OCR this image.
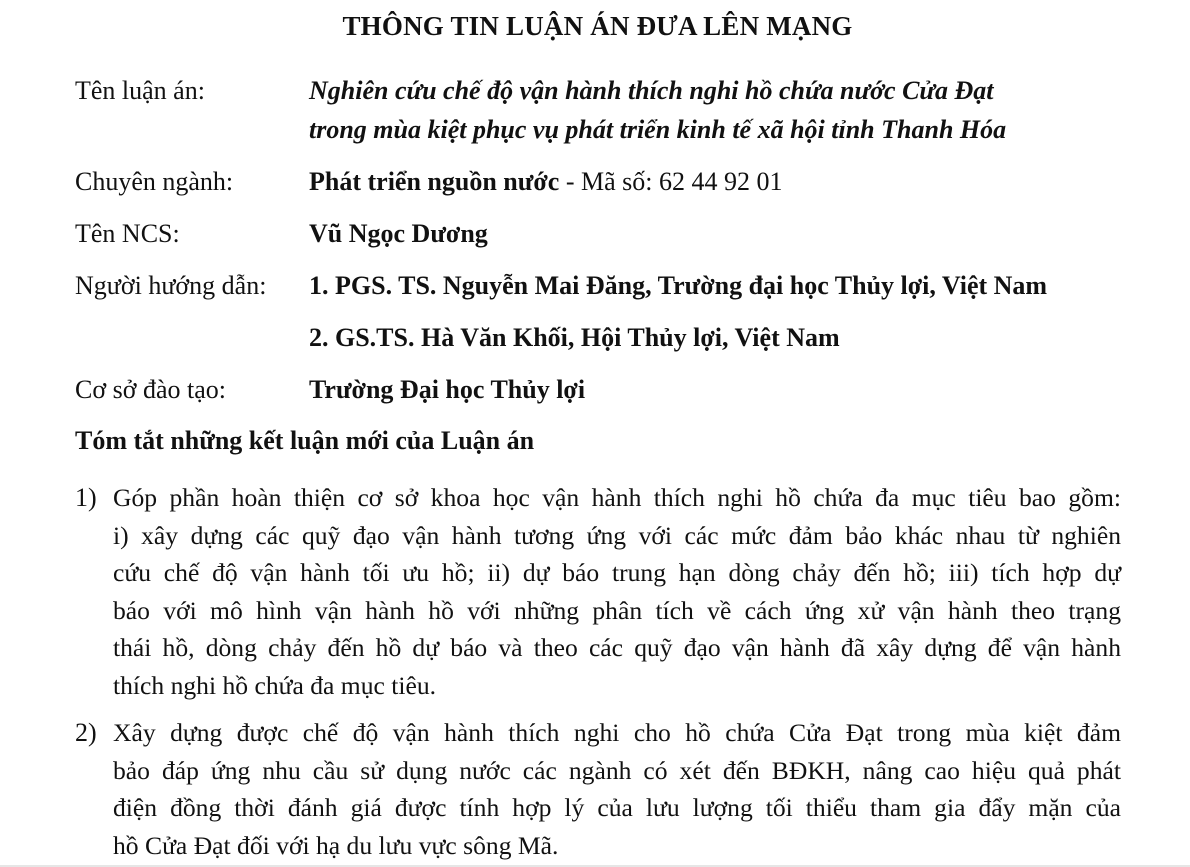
THÔNG TIN LUẬN ÁN ĐƯA LÊN MẠNG
Tên luận án:	Nghiên cứu chế độ vận hành thích nghi hồ chứa nước Cửa Đạt
trong mùa kiệt phục vụ phát triển kinh tế xã hội tỉnh Thanh Hóa
Chuyên ngành:	Phát triển nguồn nước - Mã số: 62 44 92 01
Tên NCS:	Vũ Ngọc Dương
Người hướng dẫn: 1. PGS. TS. Nguyễn Mai Đăng, Trường đại học Thủy lợi, Việt Nam
2. GS.TS. Hà Văn Khối, Hội Thủy lợi, Việt Nam
Cơ sở đào tạo:	Trường Đại học Thủy lợi
Tóm tắt những kết luận mới của Luận án
1) Góp phần hoàn thiện cơ sở khoa học vận hành thích nghi hồ chứa đa mục tiêu bao gồm:
i) xây dựng các quỹ đạo vận hành tương ứng với các mức đảm bảo khác nhau từ nghiên
cứu chế độ vận hành tối ưu hồ; ii) dự báo trung hạn dòng chảy đến hồ; iii) tích hợp dự
báo với mô hình vận hành hồ với những phân tích về cách ứng xử vận hành theo trạng
thái hồ, dòng chảy đến hồ dự báo và theo các quỹ đạo vận hành đã xây dựng để vận hành
thích nghi hồ chứa đa mục tiêu.
2) Xây dựng được chế độ vận hành thích nghi cho hồ chứa Cửa Đạt trong mùa kiệt đảm
bảo đáp ứng nhu cầu sử dụng nước các ngành có xét đến BĐKH, nâng cao hiệu quả phát
điện đồng thời đánh giá được tính hợp lý của lưu lượng tối thiểu tham gia đẩy mặn của
hồ Cửa Đạt đối với hạ du lưu vực sông Mã.
